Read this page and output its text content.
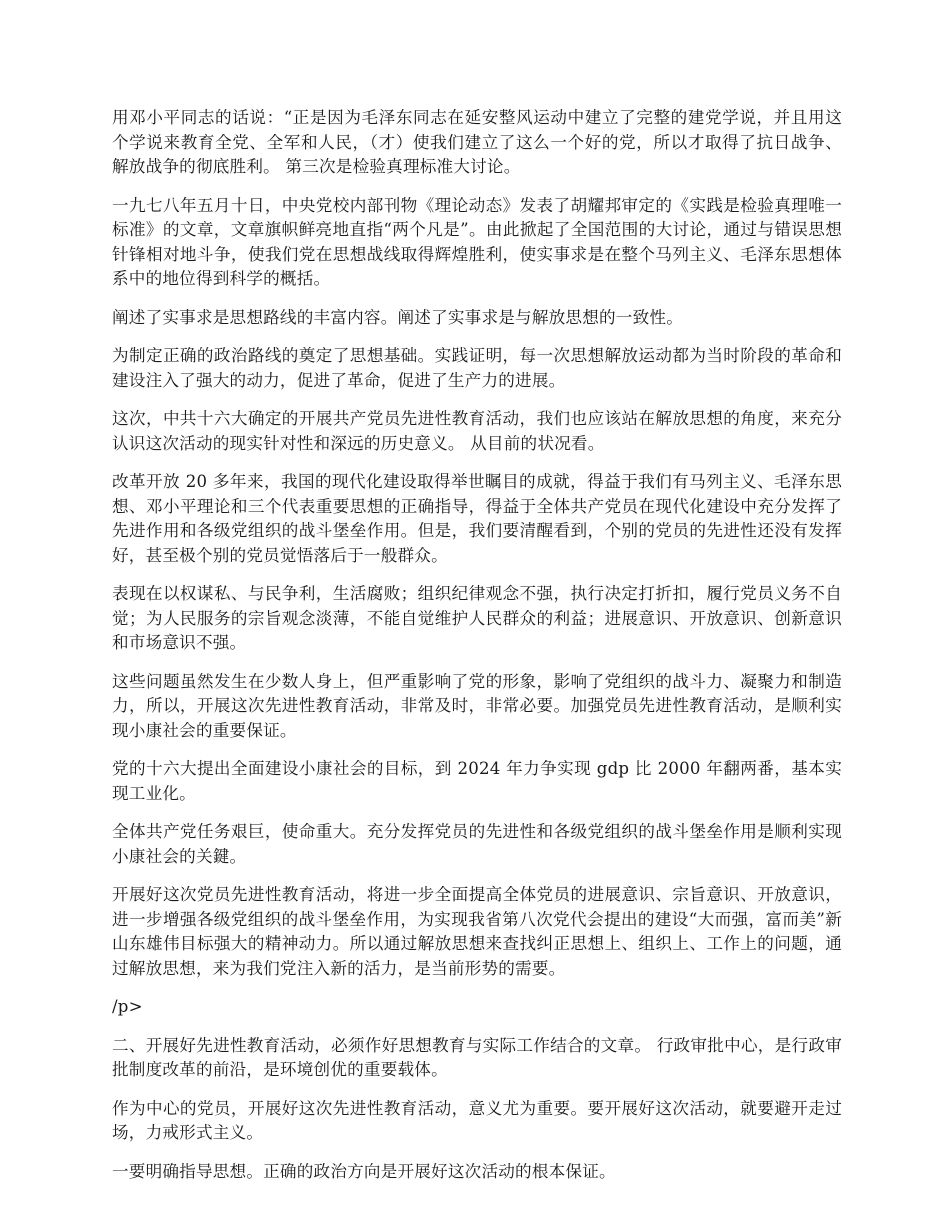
用邓小平同志的话说：“正是因为毛泽东同志在延安整风运动中建立了完整的建党学说，并且用这个学说来教育全党、全军和人民，（才）使我们建立了这么一个好的党，所以才取得了抗日战争、解放战争的彻底胜利。 第三次是检验真理标准大讨论。

一九七八年五月十日，中央党校内部刊物《理论动态》发表了胡耀邦审定的《实践是检验真理唯一标准》的文章，文章旗帜鲜亮地直指“两个凡是”。由此掀起了全国范围的大讨论，通过与错误思想针锋相对地斗争，使我们党在思想战线取得辉煌胜利，使实事求是在整个马列主义、毛泽东思想体系中的地位得到科学的概括。

阐述了实事求是思想路线的丰富内容。阐述了实事求是与解放思想的一致性。

为制定正确的政治路线的奠定了思想基础。实践证明，每一次思想解放运动都为当时阶段的革命和建设注入了强大的动力，促进了革命，促进了生产力的进展。

这次，中共十六大确定的开展共产党员先进性教育活动，我们也应该站在解放思想的角度，来充分认识这次活动的现实针对性和深远的历史意义。 从目前的状况看。

改革开放 20 多年来，我国的现代化建设取得举世瞩目的成就，得益于我们有马列主义、毛泽东思想、邓小平理论和三个代表重要思想的正确指导，得益于全体共产党员在现代化建设中充分发挥了先进作用和各级党组织的战斗堡垒作用。但是，我们要清醒看到，个别的党员的先进性还没有发挥好，甚至极个别的党员觉悟落后于一般群众。

表现在以权谋私、与民争利，生活腐败；组织纪律观念不强，执行决定打折扣，履行党员义务不自觉；为人民服务的宗旨观念淡薄，不能自觉维护人民群众的利益；进展意识、开放意识、创新意识和市场意识不强。

这些问题虽然发生在少数人身上，但严重影响了党的形象，影响了党组织的战斗力、凝聚力和制造力，所以，开展这次先进性教育活动，非常及时，非常必要。加强党员先进性教育活动，是顺利实现小康社会的重要保证。

党的十六大提出全面建设小康社会的目标，到 2024 年力争实现 gdp 比 2000 年翻两番，基本实现工业化。

全体共产党任务艰巨，使命重大。充分发挥党员的先进性和各级党组织的战斗堡垒作用是顺利实现小康社会的关鍵。

开展好这次党员先进性教育活动，将进一步全面提高全体党员的进展意识、宗旨意识、开放意识，进一步增强各级党组织的战斗堡垒作用，为实现我省第八次党代会提出的建设“大而强，富而美”新山东雄伟目标强大的精神动力。所以通过解放思想来查找纠正思想上、组织上、工作上的问题，通过解放思想，来为我们党注入新的活力，是当前形势的需要。

/p>

二、开展好先进性教育活动，必须作好思想教育与实际工作结合的文章。 行政审批中心，是行政审批制度改革的前沿，是环境创优的重要载体。

作为中心的党员，开展好这次先进性教育活动，意义尤为重要。要开展好这次活动，就要避开走过场，力戒形式主义。

一要明确指导思想。正确的政治方向是开展好这次活动的根本保证。
